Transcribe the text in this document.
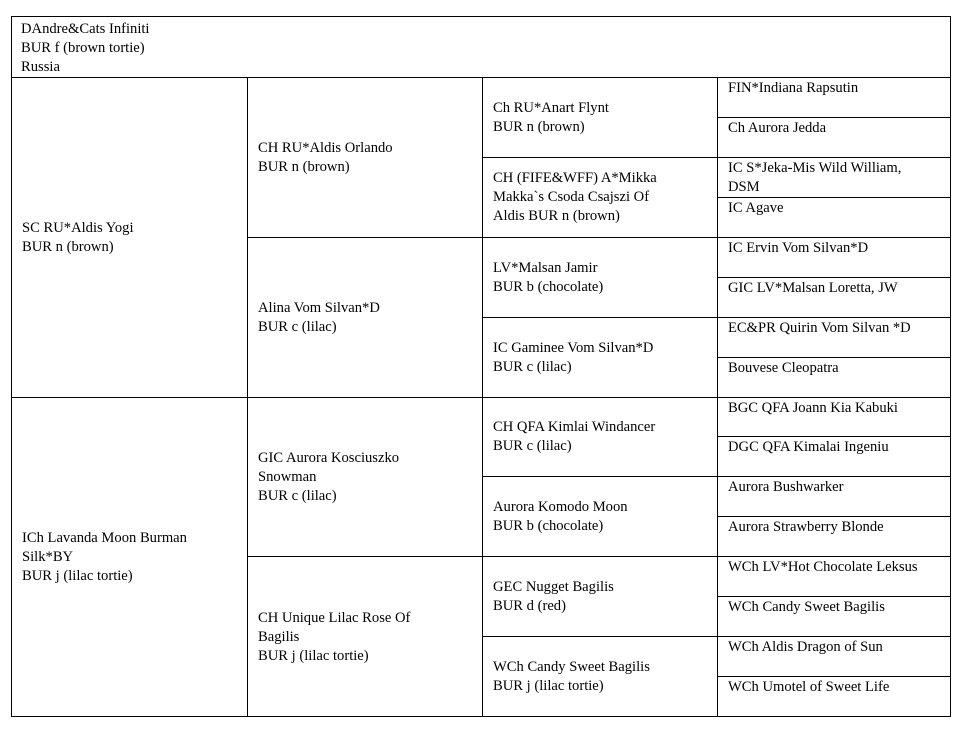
DAndre&Cats Infiniti
BUR f (brown tortie)
Russia
SC RU*Aldis Yogi
BUR n (brown)
ICh Lavanda Moon Burman
Silk*BY
BUR j (lilac tortie)
CH RU*Aldis Orlando
BUR n (brown)
Alina Vom Silvan*D
BUR c (lilac)
GIC Aurora Kosciuszko
Snowman
BUR c (lilac)
CH Unique Lilac Rose Of
Bagilis
BUR j (lilac tortie)
Ch RU*Anart Flynt
BUR n (brown)
CH (FIFE&WFF) A*Mikka
Makka`s Csoda Csajszi Of
Aldis BUR n (brown)
LV*Malsan Jamir
BUR b (chocolate)
IC Gaminee Vom Silvan*D
BUR c (lilac)
CH QFA Kimlai Windancer
BUR c (lilac)
Aurora Komodo Moon
BUR b (chocolate)
GEC Nugget Bagilis
BUR d (red)
WCh Candy Sweet Bagilis
BUR j (lilac tortie)
FIN*Indiana Rapsutin
Ch Aurora Jedda
IC S*Jeka-Mis Wild William,
DSM
IC Agave
IC Ervin Vom Silvan*D
GIC LV*Malsan Loretta, JW
EC&PR Quirin Vom Silvan *D
Bouvese Cleopatra
BGC QFA Joann Kia Kabuki
DGC QFA Kimalai Ingeniu
Aurora Bushwarker
Aurora Strawberry Blonde
WCh LV*Hot Chocolate Leksus
WCh Candy Sweet Bagilis
WCh Aldis Dragon of Sun
WCh Umotel of Sweet Life
